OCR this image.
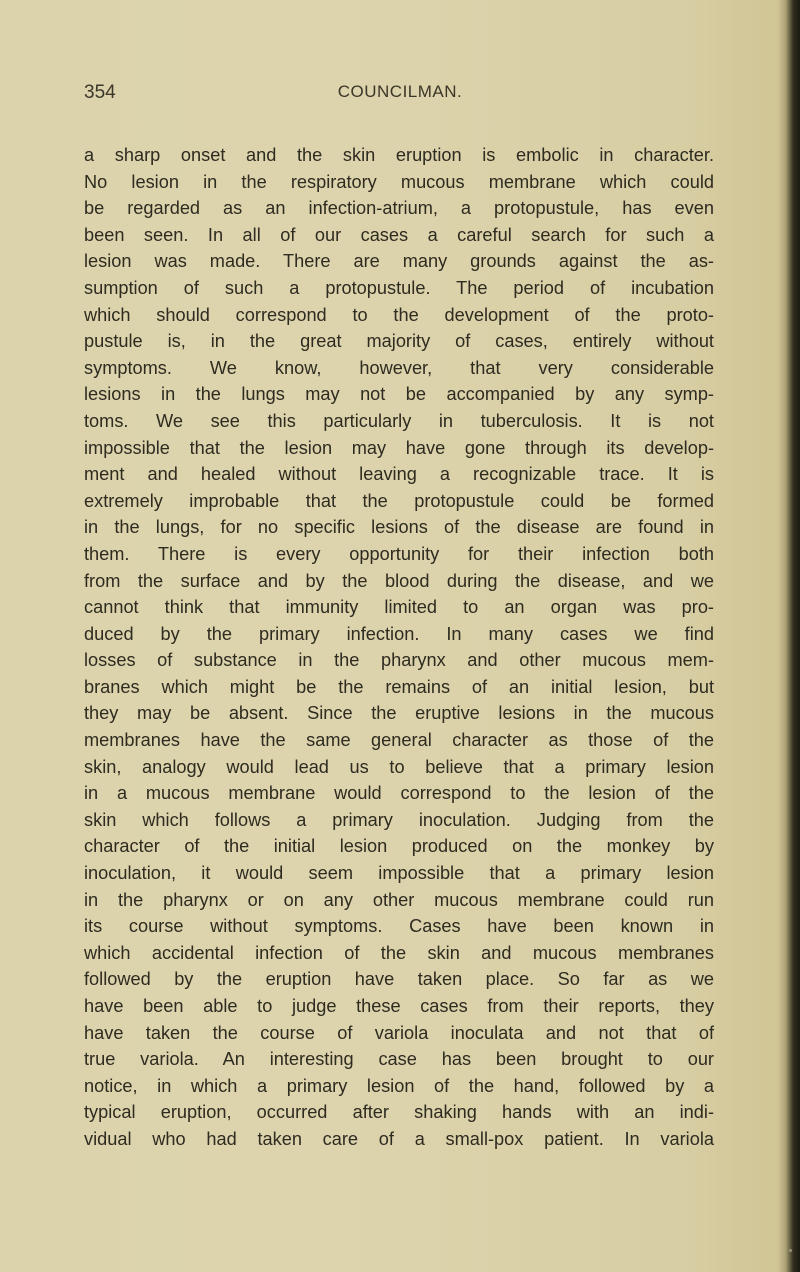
354	COUNCILMAN.
a sharp onset and the skin eruption is embolic in character.
No lesion in the respiratory mucous membrane which could
be regarded as an infection-atrium, a protopustule, has even
been seen. In all of our cases a careful search for such a
lesion was made. There are many grounds against the as-
sumption of such a protopustule. The period of incubation
which should correspond to the development of the proto-
pustule is, in the great majority of cases, entirely without
symptoms. We know, however, that very considerable
lesions in the lungs may not be accompanied by any symp-
toms. We see this particularly in tuberculosis. It is not
impossible that the lesion may have gone through its develop-
ment and healed without leaving a recognizable trace. It is
extremely improbable that the protopustule could be formed
in the lungs, for no specific lesions of the disease are found in
them. There is every opportunity for their infection both
from the surface and by the blood during the disease, and we
cannot think that immunity limited to an organ was pro-
duced by the primary infection. In many cases we find
losses of substance in the pharynx and other mucous mem-
branes which might be the remains of an initial lesion, but
they may be absent. Since the eruptive lesions in the mucous
membranes have the same general character as those of the
skin, analogy would lead us to believe that a primary lesion
in a mucous membrane would correspond to the lesion of the
skin which follows a primary inoculation. Judging from the
character of the initial lesion produced on the monkey by
inoculation, it would seem impossible that a primary lesion
in the pharynx or on any other mucous membrane could run
its course without symptoms. Cases have been known in
which accidental infection of the skin and mucous membranes
followed by the eruption have taken place. So far as we
have been able to judge these cases from their reports, they
have taken the course of variola inoculata and not that of
true variola. An interesting case has been brought to our
notice, in which a primary lesion of the hand, followed by a
typical eruption, occurred after shaking hands with an indi-
vidual who had taken care of a small-pox patient. In variola
